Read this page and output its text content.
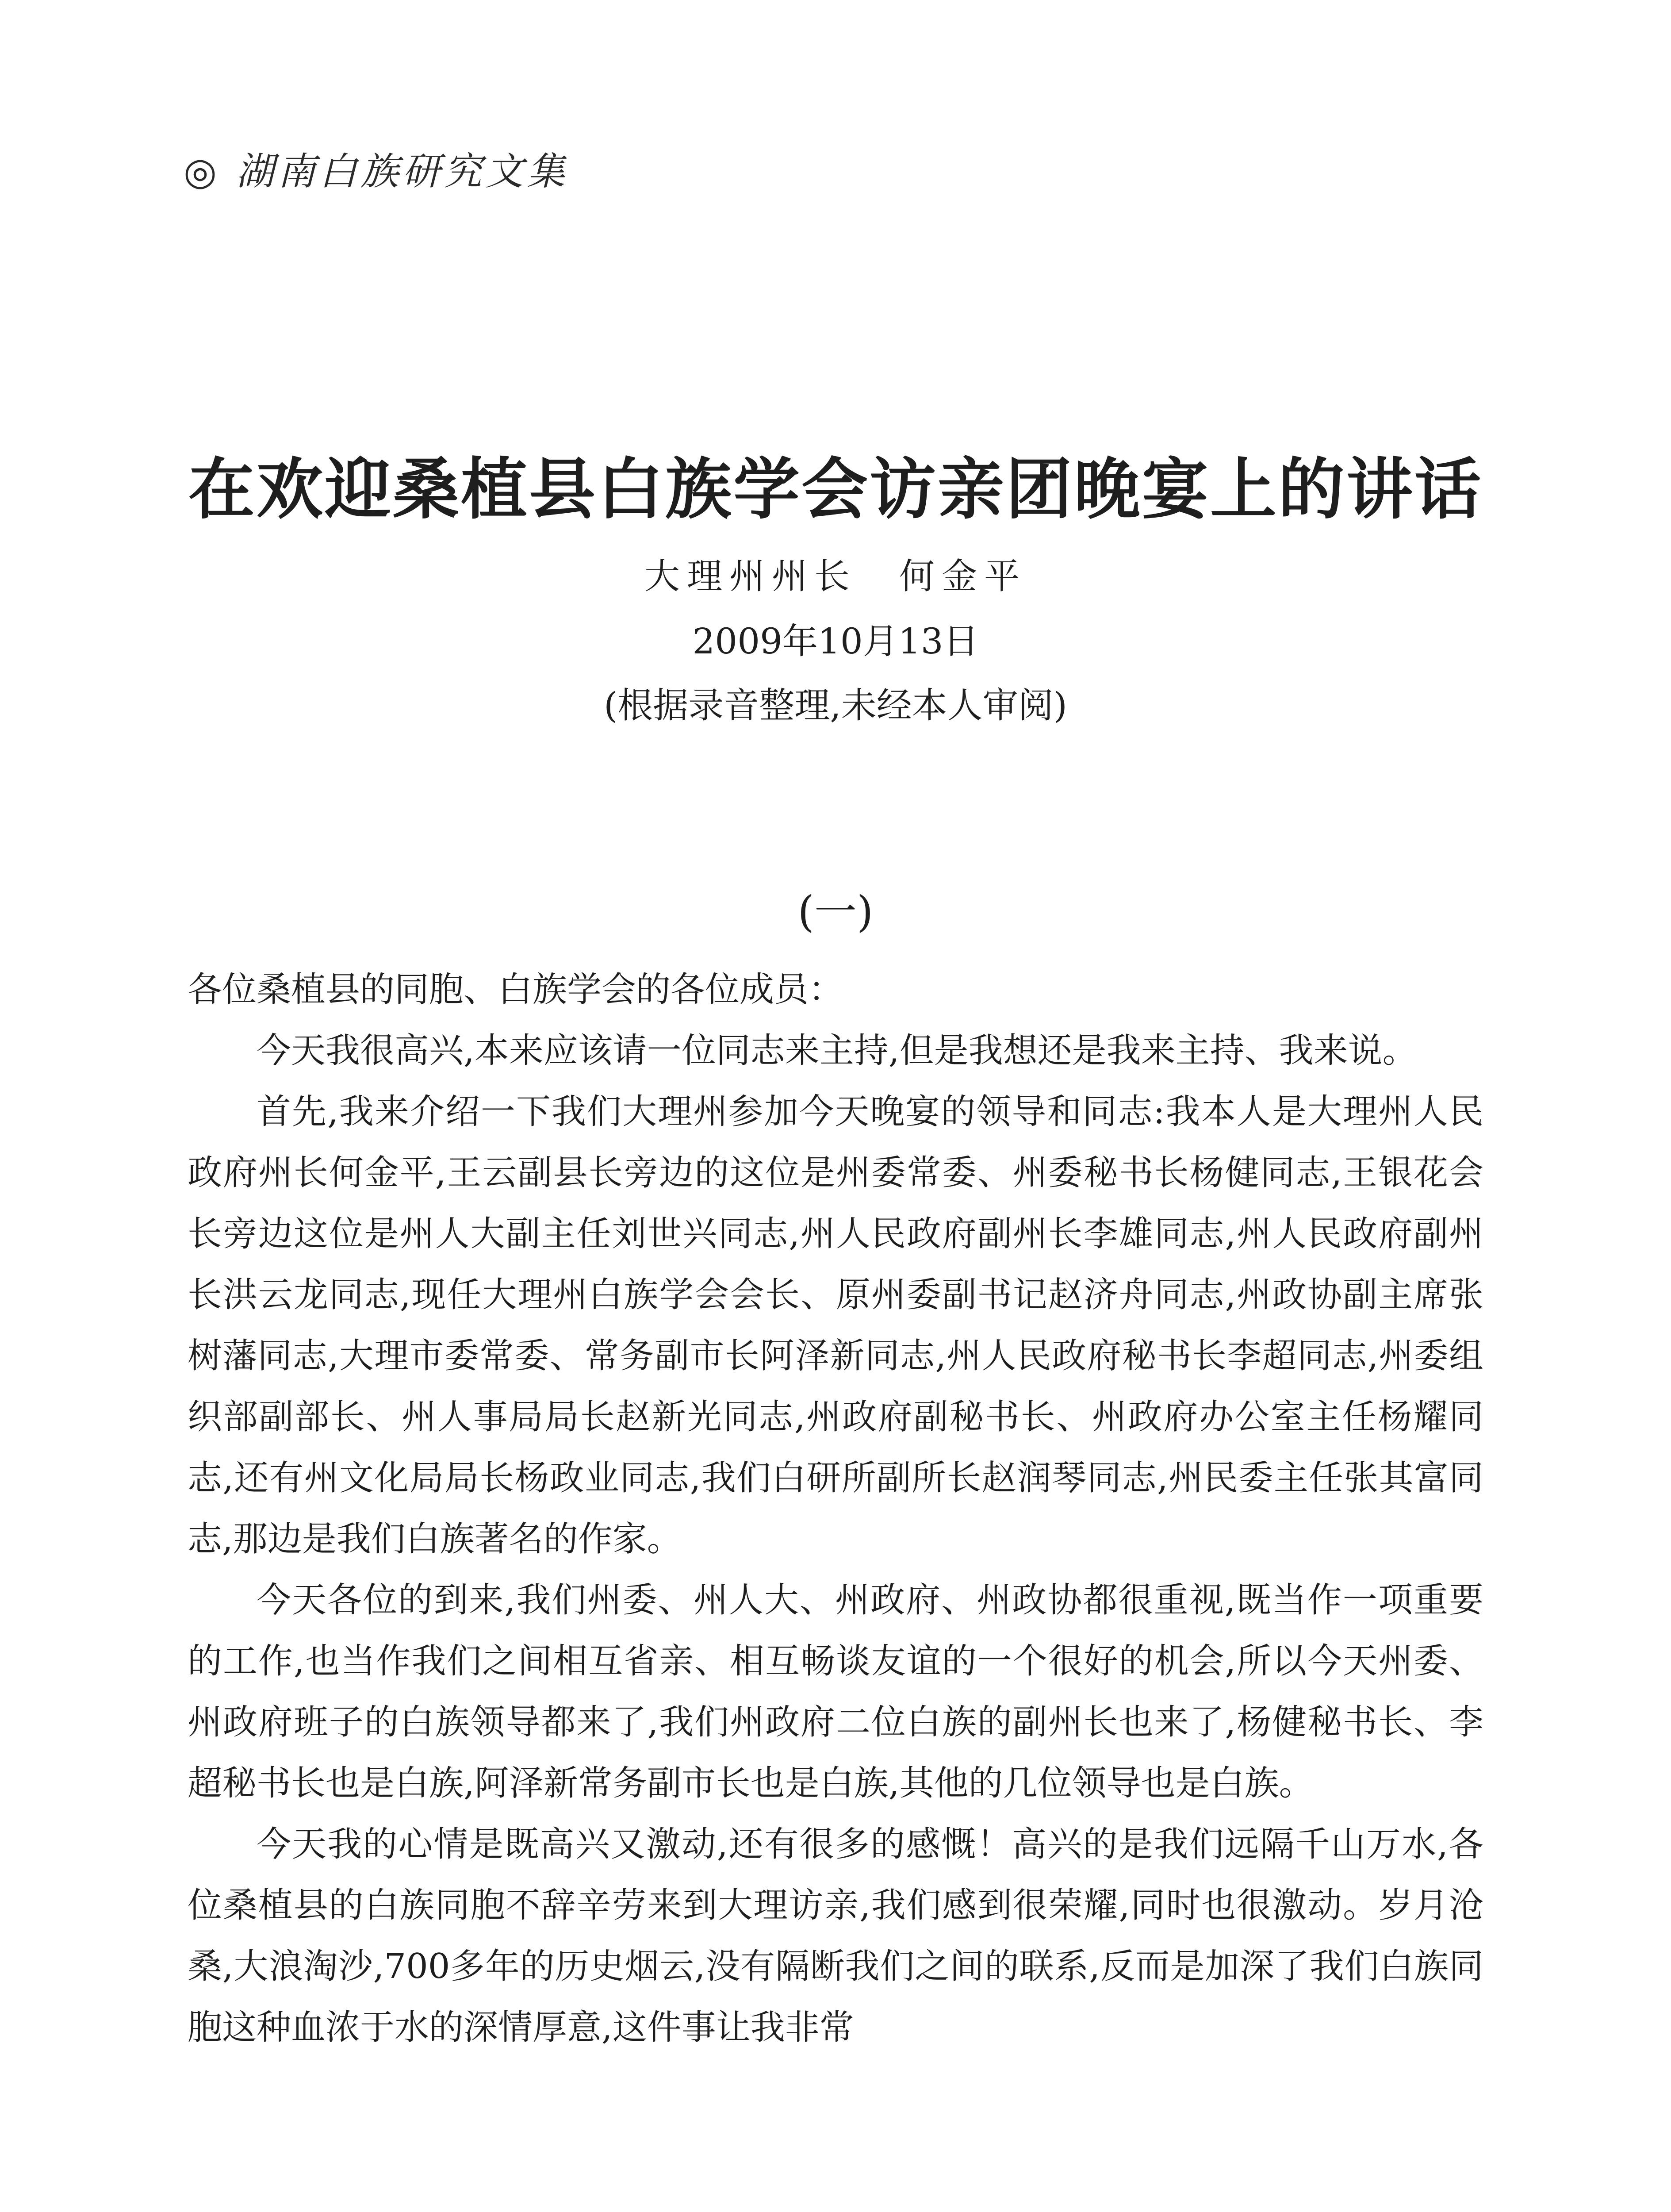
◎ 湖南白族研究文集
在欢迎桑植县白族学会访亲团晚宴上的讲话
大理州州长　何金平
2009年10月13日
(根据录音整理,未经本人审阅)
(一)

各位桑植县的同胞、白族学会的各位成员：

今天我很高兴,本来应该请一位同志来主持,但是我想还是我来主持、我来说。

首先,我来介绍一下我们大理州参加今天晚宴的领导和同志:我本人是大理州人民政府州长何金平,王云副县长旁边的这位是州委常委、州委秘书长杨健同志,王银花会长旁边这位是州人大副主任刘世兴同志,州人民政府副州长李雄同志,州人民政府副州长洪云龙同志,现任大理州白族学会会长、原州委副书记赵济舟同志,州政协副主席张树藩同志,大理市委常委、常务副市长阿泽新同志,州人民政府秘书长李超同志,州委组织部副部长、州人事局局长赵新光同志,州政府副秘书长、州政府办公室主任杨耀同志,还有州文化局局长杨政业同志,我们白研所副所长赵润琴同志,州民委主任张其富同志,那边是我们白族著名的作家。

今天各位的到来,我们州委、州人大、州政府、州政协都很重视,既当作一项重要的工作,也当作我们之间相互省亲、相互畅谈友谊的一个很好的机会,所以今天州委、州政府班子的白族领导都来了,我们州政府二位白族的副州长也来了,杨健秘书长、李超秘书长也是白族,阿泽新常务副市长也是白族,其他的几位领导也是白族。

今天我的心情是既高兴又激动,还有很多的感慨！高兴的是我们远隔千山万水,各位桑植县的白族同胞不辞辛劳来到大理访亲,我们感到很荣耀,同时也很激动。岁月沧桑,大浪淘沙,700多年的历史烟云,没有隔断我们之间的联系,反而是加深了我们白族同胞这种血浓于水的深情厚意,这件事让我非常
